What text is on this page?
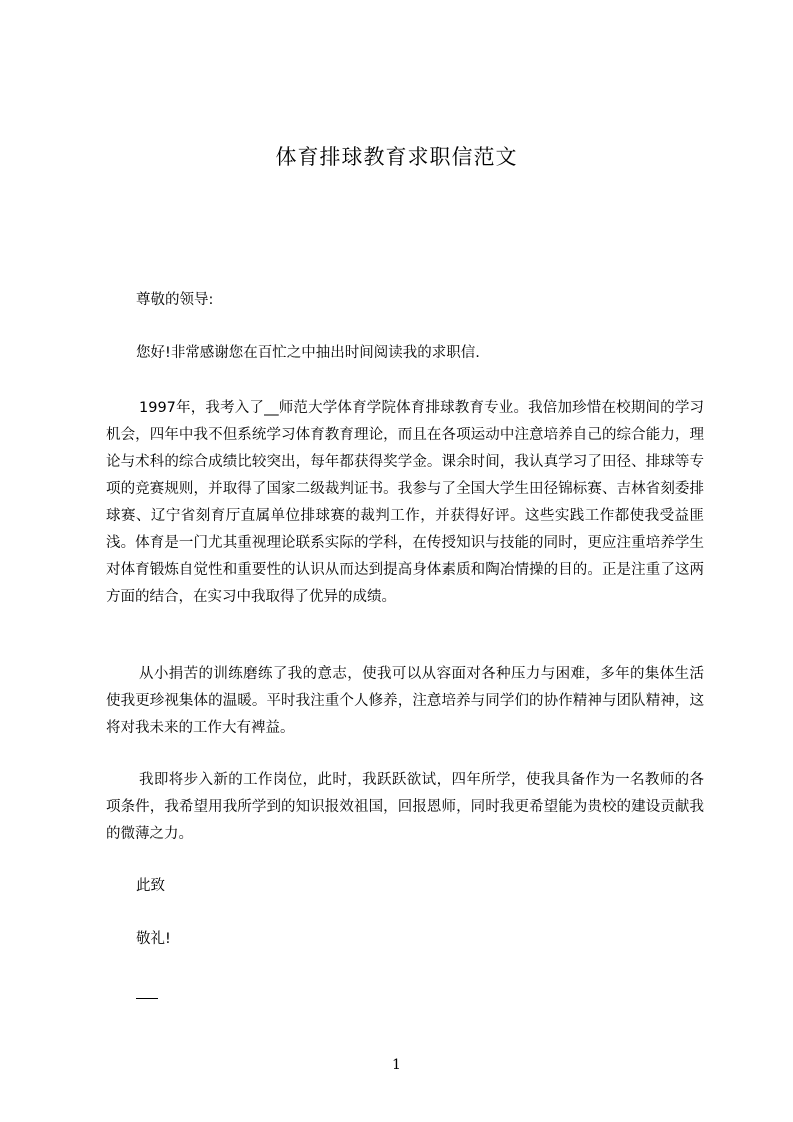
体育排球教育求职信范文
尊敬的领导:
您好!非常感谢您在百忙之中抽出时间阅读我的求职信.

1997年，我考入了__师范大学体育学院体育排球教育专业。我倍加珍惜在校期间的学习机会，四年中我不但系统学习体育教育理论，而且在各项运动中注意培养自己的综合能力，理论与术科的综合成绩比较突出，每年都获得奖学金。课余时间，我认真学习了田径、排球等专项的竞赛规则，并取得了国家二级裁判证书。我参与了全国大学生田径锦标赛、吉林省刻委排球赛、辽宁省刻育厅直属单位排球赛的裁判工作，并获得好评。这些实践工作都使我受益匪浅。体育是一门尤其重视理论联系实际的学科，在传授知识与技能的同时，更应注重培养学生对体育锻炼自觉性和重要性的认识从而达到提高身体素质和陶冶情操的目的。正是注重了这两方面的结合，在实习中我取得了优异的成绩。

从小捐苦的训练磨练了我的意志，使我可以从容面对各种压力与困难，多年的集体生活使我更珍视集体的温暖。平时我注重个人修养，注意培养与同学们的协作精神与团队精神，这将对我未来的工作大有裨益。

我即将步入新的工作岗位，此时，我跃跃欲试，四年所学，使我具备作为一名教师的各项条件，我希望用我所学到的知识报效祖国，回报恩师，同时我更希望能为贵校的建设贡献我的微薄之力。

此致
敬礼!
1
